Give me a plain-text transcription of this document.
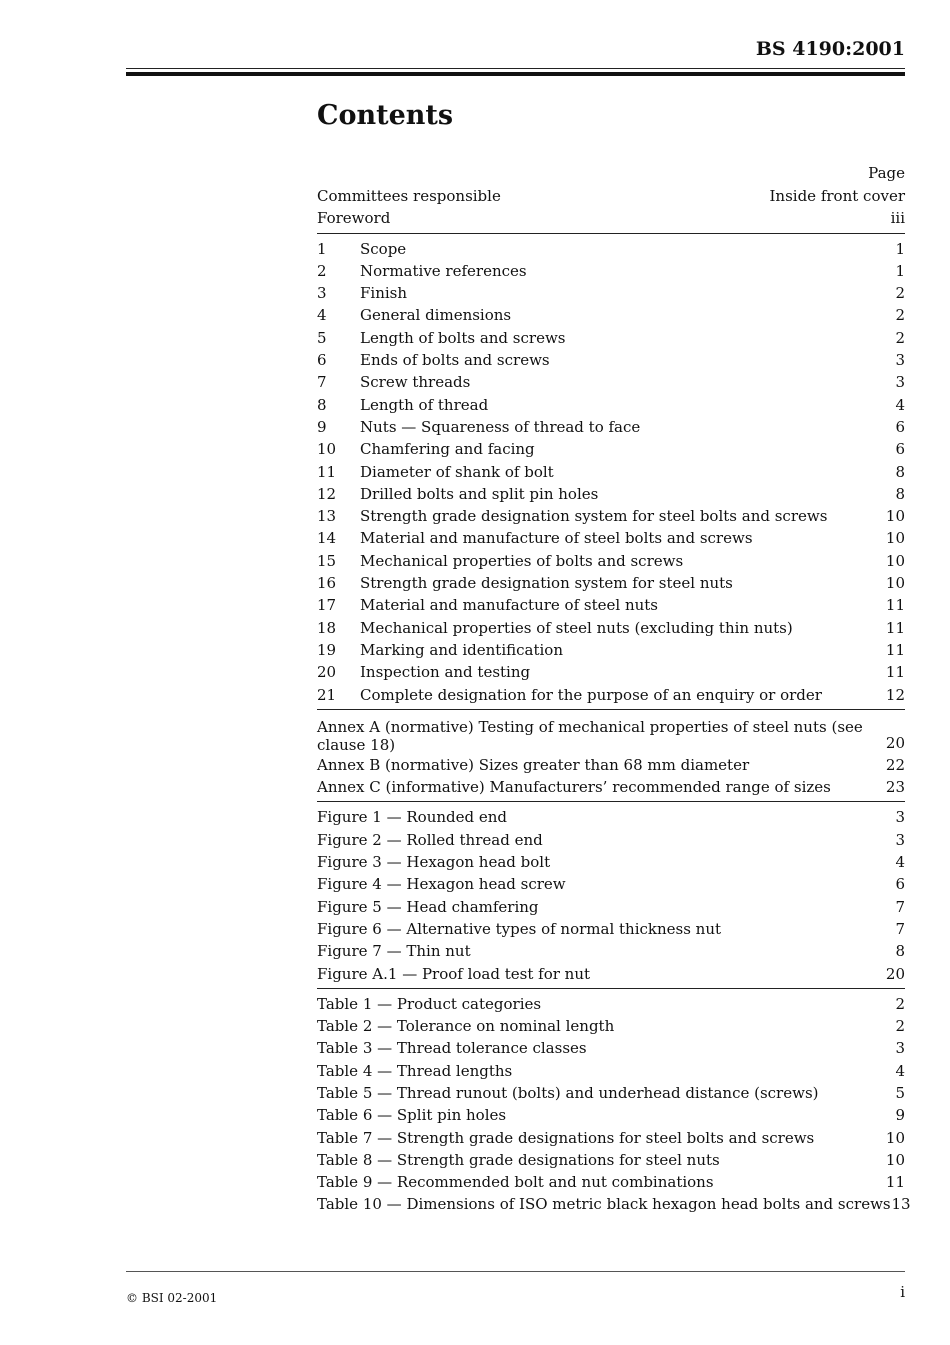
BS 4190:2001
Contents
Page
Committees responsible	Inside front cover
Foreword	iii
1	Scope	1
2	Normative references	1
3	Finish	2
4	General dimensions	2
5	Length of bolts and screws	2
6	Ends of bolts and screws	3
7	Screw threads	3
8	Length of thread	4
9	Nuts — Squareness of thread to face	6
10	Chamfering and facing	6
11	Diameter of shank of bolt	8
12	Drilled bolts and split pin holes	8
13	Strength grade designation system for steel bolts and screws	10
14	Material and manufacture of steel bolts and screws	10
15	Mechanical properties of bolts and screws	10
16	Strength grade designation system for steel nuts	10
17	Material and manufacture of steel nuts	11
18	Mechanical properties of steel nuts (excluding thin nuts)	11
19	Marking and identification	11
20	Inspection and testing	11
21	Complete designation for the purpose of an enquiry or order	12
Annex A (normative) Testing of mechanical properties of steel nuts (see clause 18)	20
Annex B (normative) Sizes greater than 68 mm diameter	22
Annex C (informative) Manufacturers’ recommended range of sizes	23
Figure 1 — Rounded end	3
Figure 2 — Rolled thread end	3
Figure 3 — Hexagon head bolt	4
Figure 4 — Hexagon head screw	6
Figure 5 — Head chamfering	7
Figure 6 — Alternative types of normal thickness nut	7
Figure 7 — Thin nut	8
Figure A.1 — Proof load test for nut	20
Table 1 — Product categories	2
Table 2 — Tolerance on nominal length	2
Table 3 — Thread tolerance classes	3
Table 4 — Thread lengths	4
Table 5 — Thread runout (bolts) and underhead distance (screws)	5
Table 6 — Split pin holes	9
Table 7 — Strength grade designations for steel bolts and screws	10
Table 8 — Strength grade designations for steel nuts	10
Table 9 — Recommended bolt and nut combinations	11
Table 10 — Dimensions of ISO metric black hexagon head bolts and screws 13
© BSI 02-2001	i
